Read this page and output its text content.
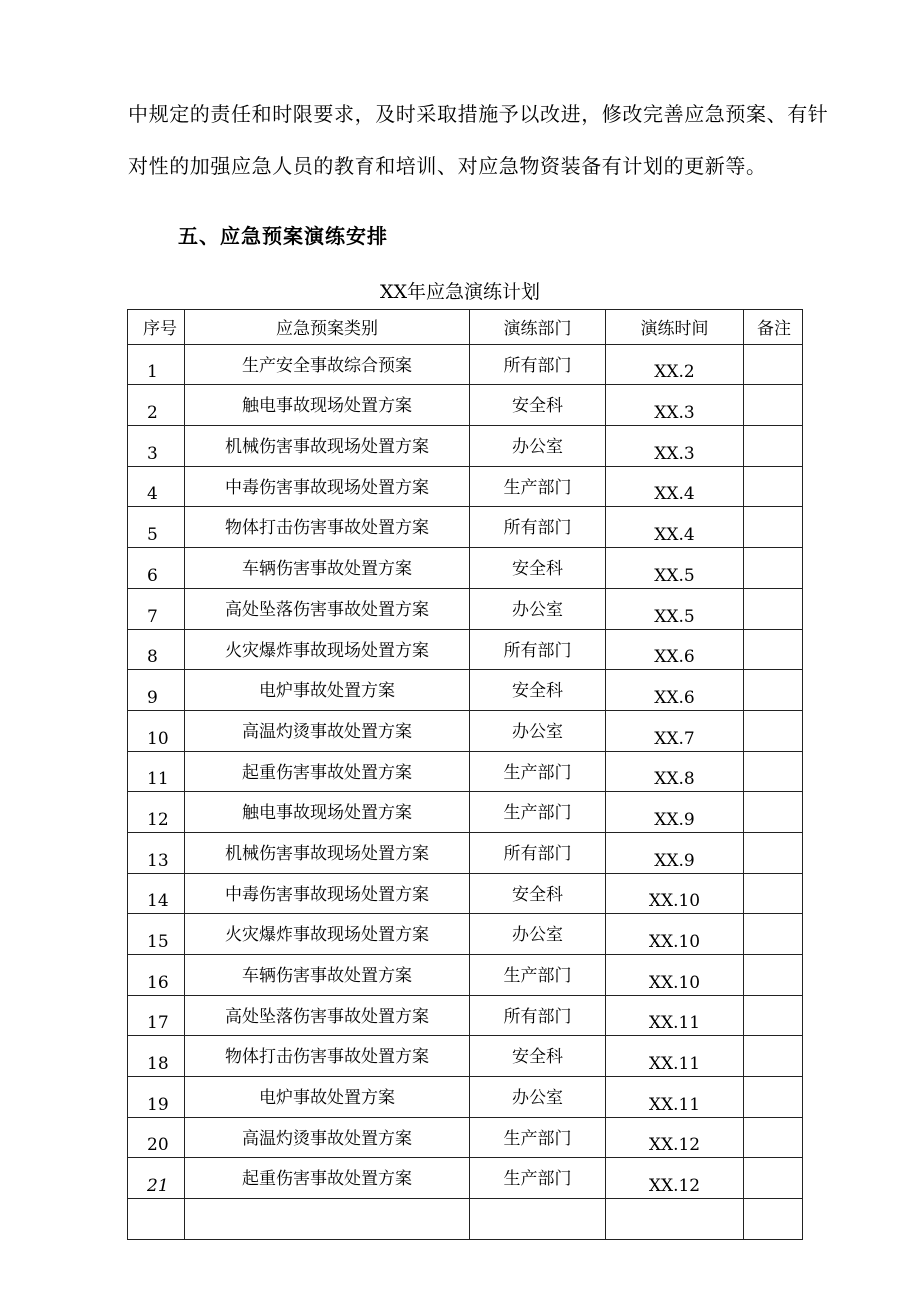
中规定的责任和时限要求，及时采取措施予以改进，修改完善应急预案、有针
对性的加强应急人员的教育和培训、对应急物资装备有计划的更新等。
五、应急预案演练安排
XX年应急演练计划
序号	应急预案类别	演练部门	演练时间	备注
1	生产安全事故综合预案	所有部门	XX.2	
2	触电事故现场处置方案	安全科	XX.3	
3	机械伤害事故现场处置方案	办公室	XX.3	
4	中毒伤害事故现场处置方案	生产部门	XX.4	
5	物体打击伤害事故处置方案	所有部门	XX.4	
6	车辆伤害事故处置方案	安全科	XX.5	
7	高处坠落伤害事故处置方案	办公室	XX.5	
8	火灾爆炸事故现场处置方案	所有部门	XX.6	
9	电炉事故处置方案	安全科	XX.6	
10	高温灼烫事故处置方案	办公室	XX.7	
11	起重伤害事故处置方案	生产部门	XX.8	
12	触电事故现场处置方案	生产部门	XX.9	
13	机械伤害事故现场处置方案	所有部门	XX.9	
14	中毒伤害事故现场处置方案	安全科	XX.10	
15	火灾爆炸事故现场处置方案	办公室	XX.10	
16	车辆伤害事故处置方案	生产部门	XX.10	
17	高处坠落伤害事故处置方案	所有部门	XX.11	
18	物体打击伤害事故处置方案	安全科	XX.11	
19	电炉事故处置方案	办公室	XX.11	
20	高温灼烫事故处置方案	生产部门	XX.12	
21	起重伤害事故处置方案	生产部门	XX.12	
